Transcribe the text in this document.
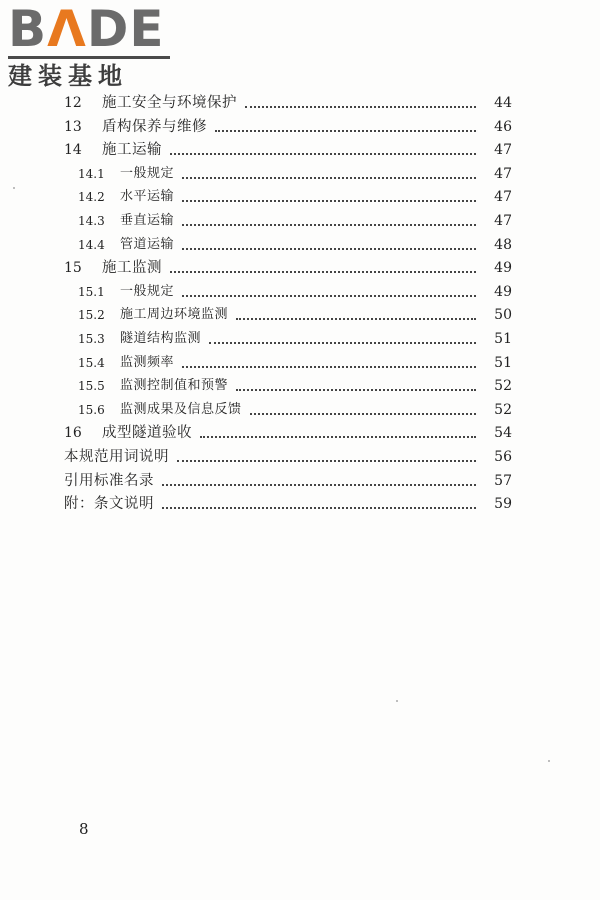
BΛDE
建装基地
12	施工安全与环境保护	44
13	盾构保养与维修	46
14	施工运输	47
14.1	一般规定	47
14.2	水平运输	47
14.3	垂直运输	47
14.4	管道运输	48
15	施工监测	49
15.1	一般规定	49
15.2	施工周边环境监测	50
15.3	隧道结构监测	51
15.4	监测频率	51
15.5	监测控制值和预警	52
15.6	监测成果及信息反馈	52
16	成型隧道验收	54
本规范用词说明	56
引用标准名录	57
附：条文说明	59
8
